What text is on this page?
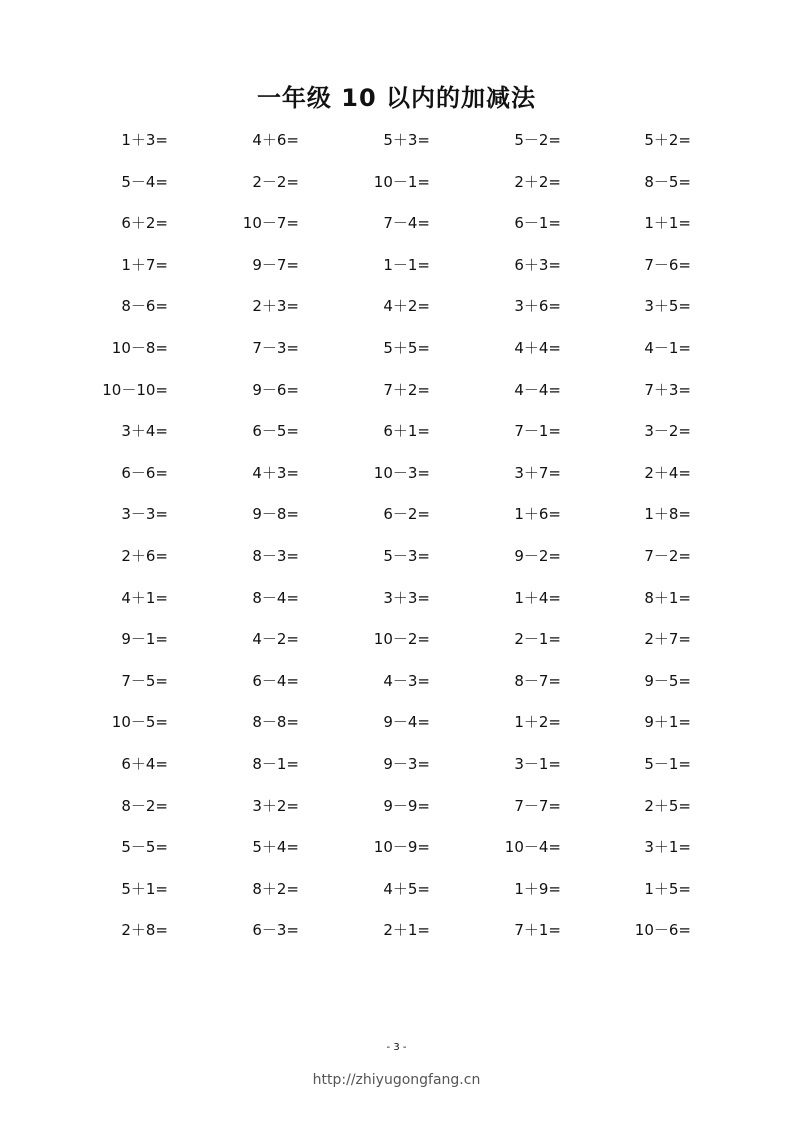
一年级 10 以内的加减法
1＋3=	4＋6=	5＋3=	5－2=	5＋2=
5－4=	2－2=	10－1=	2＋2=	8－5=
6＋2=	10－7=	7－4=	6－1=	1＋1=
1＋7=	9－7=	1－1=	6＋3=	7－6=
8－6=	2＋3=	4＋2=	3＋6=	3＋5=
10－8=	7－3=	5＋5=	4＋4=	4－1=
10－10=	9－6=	7＋2=	4－4=	7＋3=
3＋4=	6－5=	6＋1=	7－1=	3－2=
6－6=	4＋3=	10－3=	3＋7=	2＋4=
3－3=	9－8=	6－2=	1＋6=	1＋8=
2＋6=	8－3=	5－3=	9－2=	7－2=
4＋1=	8－4=	3＋3=	1＋4=	8＋1=
9－1=	4－2=	10－2=	2－1=	2＋7=
7－5=	6－4=	4－3=	8－7=	9－5=
10－5=	8－8=	9－4=	1＋2=	9＋1=
6＋4=	8－1=	9－3=	3－1=	5－1=
8－2=	3＋2=	9－9=	7－7=	2＋5=
5－5=	5＋4=	10－9=	10－4=	3＋1=
5＋1=	8＋2=	4＋5=	1＋9=	1＋5=
2＋8=	6－3=	2＋1=	7＋1=	10－6=
- 3 -
http://zhiyugongfang.cn
